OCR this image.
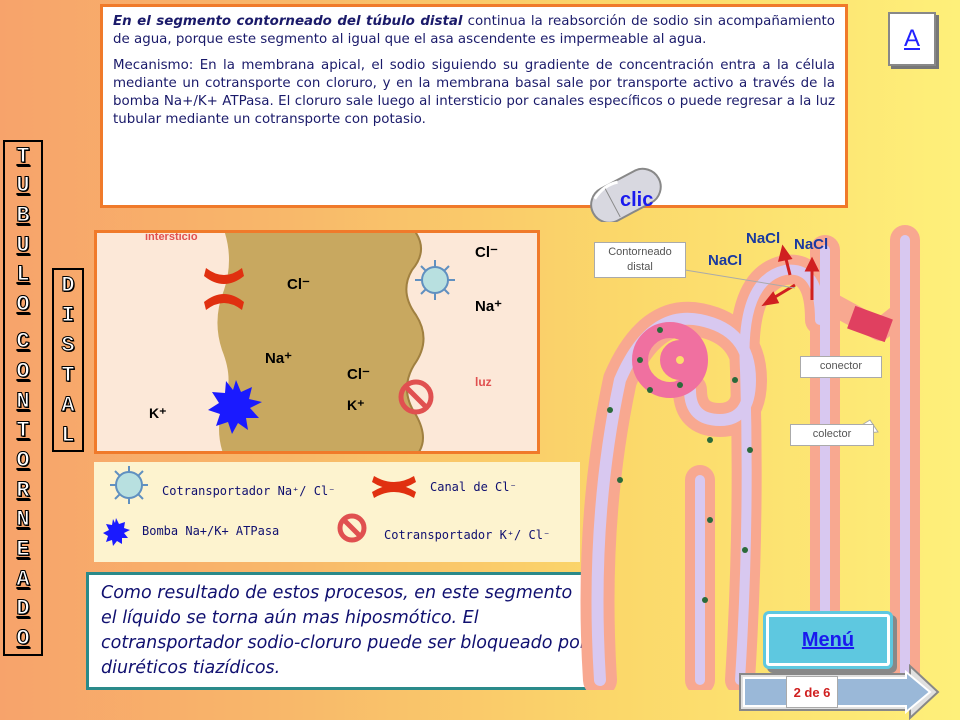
T
U
B
U
L
O
C
O
N
T
O
R
N
E
A
D
O
D
I
S
T
A
L

En el segmento contorneado del túbulo distal continua la reabsorción de sodio sin acompañamiento de agua, porque este segmento al igual que el asa ascendente es impermeable al agua.

Mecanismo: En la membrana apical, el sodio siguiendo su gradiente de concentración entra a la célula mediante un cotransporte con cloruro, y en la membrana basal sale por transporte activo a través de la bomba Na+/K+ ATPasa. El cloruro sale luego al intersticio por canales específicos o puede regresar a la luz tubular mediante un cotransporte con potasio.

A
clic
intersticio
luz
Cl⁻
Cl⁻
Cl⁻
Na⁺
Na⁺
K⁺	K⁺
Cotransportador Na⁺/ Cl⁻	Canal de Cl⁻
Bomba Na+/K+ ATPasa	Cotransportador K⁺/ Cl⁻
Como resultado de estos procesos, en este segmento el líquido se torna aún mas hiposmótico. El cotransportador sodio-cloruro puede ser bloqueado por diuréticos tiazídicos.
Contorneado distal
conector
colector
NaCl NaCl
NaCl
Menú
2 de 6
